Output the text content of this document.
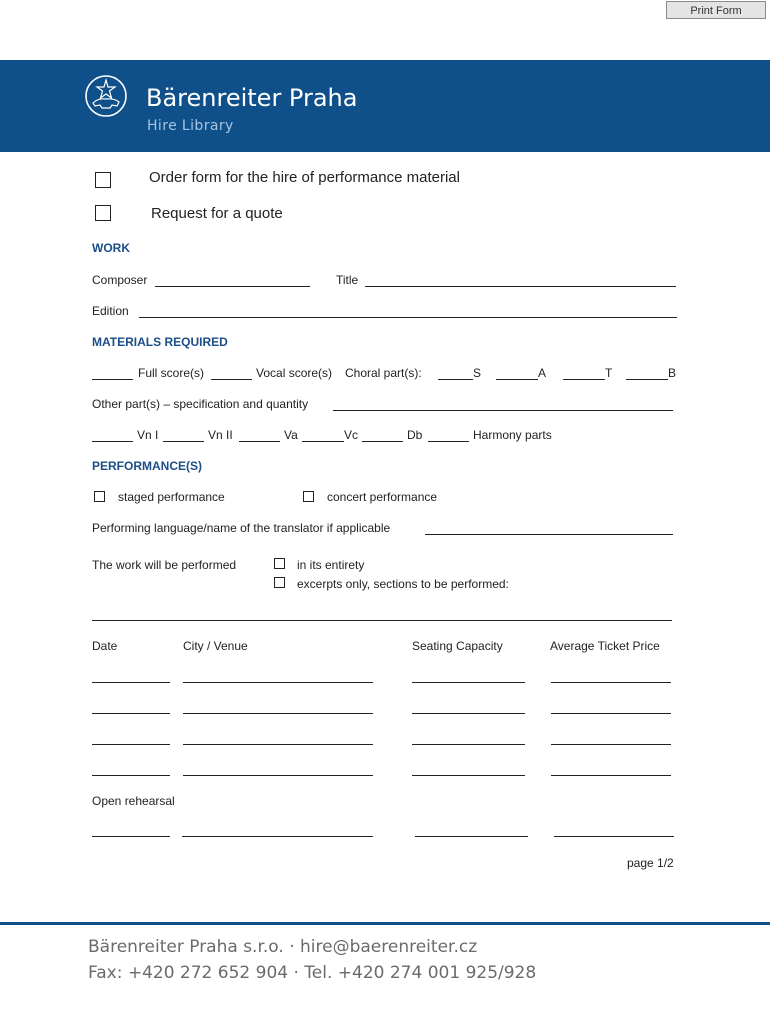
Print Form
Bärenreiter Praha
Hire Library
Order form for the hire of performance material
Request for a quote
WORK
Composer	Title
Edition
MATERIALS REQUIRED
Full score(s)	Vocal score(s) Choral part(s):	S	A	T	B
Other part(s) – specification and quantity
Vn I	Vn II	Va	Vc	Db	Harmony parts
PERFORMANCE(S)
staged performance	concert performance
Performing language/name of the translator if applicable
The work will be performed	in its entirety
excerpts only, sections to be performed:
Date	City / Venue	Seating Capacity	Average Ticket Price
Open rehearsal
page 1/2
Bärenreiter Praha s.r.o. · hire@baerenreiter.cz
Fax: +420 272 652 904 · Tel. +420 274 001 925/928
